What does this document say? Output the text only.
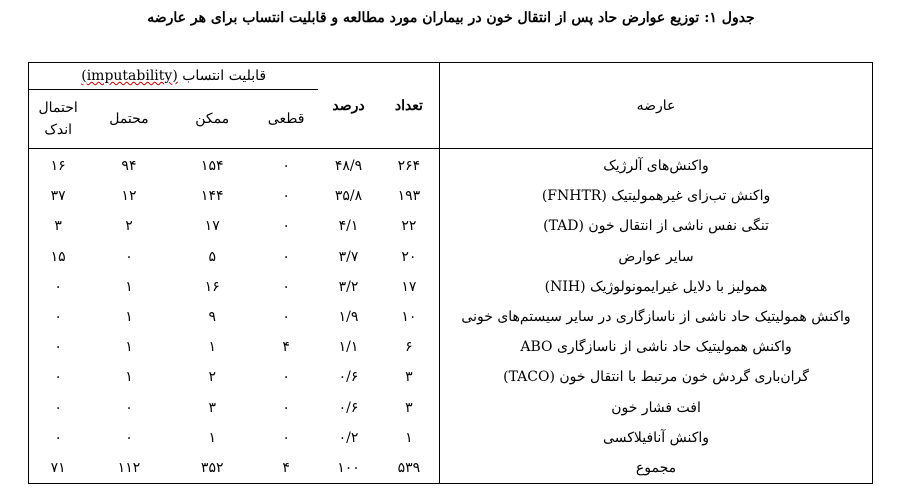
جدول ۱: توزیع عوارض حاد پس از انتقال خون در بیماران مورد مطالعه و قابلیت انتساب برای هر عارضه
عارضه	تعداد	درصد	قابلیت انتساب (imputability)			
			قطعی	ممکن	محتمل	احتمال
اندک

واکنش‌های آلرژیک	۲۶۴	۴۸/۹	۰	۱۵۴	۹۴	۱۶
واکنش تب‌زای غیرهمولیتیک (FNHTR)	۱۹۳	۳۵/۸	۰	۱۴۴	۱۲	۳۷
تنگی نفس ناشی از انتقال خون (TAD)	۲۲	۴/۱	۰	۱۷	۲	۳
سایر عوارض	۲۰	۳/۷	۰	۵	۰	۱۵
همولیز با دلایل غیرایمونولوژیک (NIH)	۱۷	۳/۲	۰	۱۶	۱	۰
واکنش همولیتیک حاد ناشی از ناسازگاری در سایر سیستم‌های خونی	۱۰	۱/۹	۰	۹	۱	۰
واکنش همولیتیک حاد ناشی از ناسازگاری ABO	۶	۱/۱	۴	۱	۱	۰
گران‌باری گردش خون مرتبط با انتقال خون (TACO)	۳	۰/۶	۰	۲	۱	۰
افت فشار خون	۳	۰/۶	۰	۳	۰	۰
واکنش آنافیلاکسی	۱	۰/۲	۰	۱	۰	۰
مجموع	۵۳۹	۱۰۰	۴	۳۵۲	۱۱۲	۷۱
